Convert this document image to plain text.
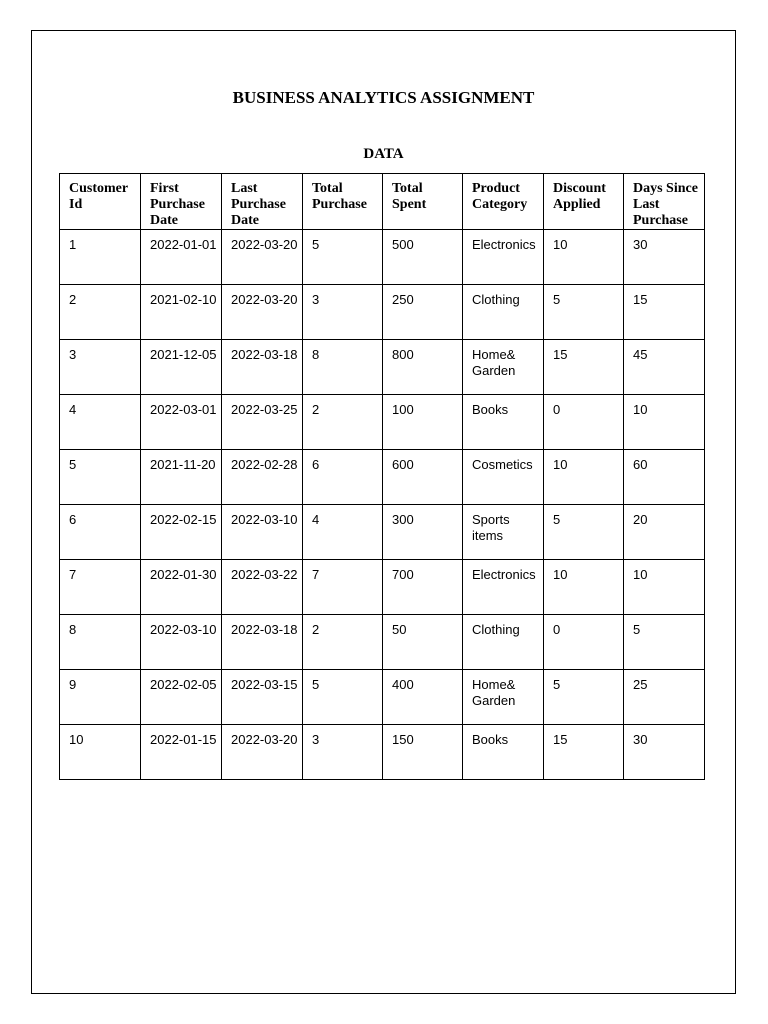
BUSINESS ANALYTICS ASSIGNMENT
DATA
Customer Id	First Purchase Date	Last Purchase Date	Total Purchase	Total Spent	Product Category	Discount Applied	Days Since Last Purchase
1	2022-01-01	2022-03-20	5	500	Electronics	10	30
2	2021-02-10	2022-03-20	3	250	Clothing	5	15
3	2021-12-05	2022-03-18	8	800	Home& Garden	15	45
4	2022-03-01	2022-03-25	2	100	Books	0	10
5	2021-11-20	2022-02-28	6	600	Cosmetics	10	60
6	2022-02-15	2022-03-10	4	300	Sports items	5	20
7	2022-01-30	2022-03-22	7	700	Electronics	10	10
8	2022-03-10	2022-03-18	2	50	Clothing	0	5
9	2022-02-05	2022-03-15	5	400	Home& Garden	5	25
10	2022-01-15	2022-03-20	3	150	Books	15	30
